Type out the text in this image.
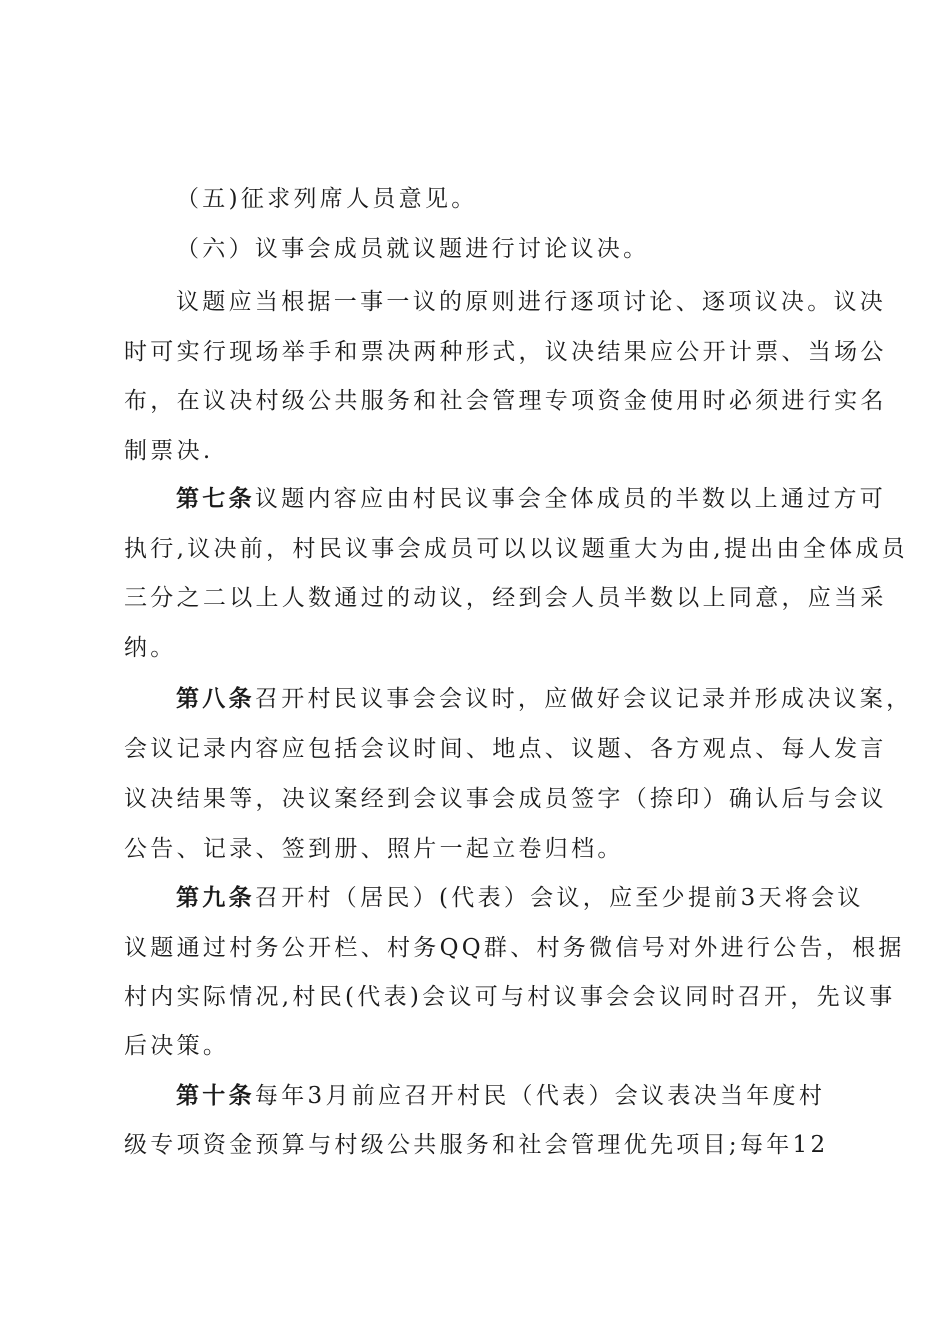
（五)征求列席人员意见。
（六）议事会成员就议题进行讨论议决。
议题应当根据一事一议的原则进行逐项讨论、逐项议决。议决
时可实行现场举手和票决两种形式，议决结果应公开计票、当场公
布，在议决村级公共服务和社会管理专项资金使用时必须进行实名
制票决.
第七条议题内容应由村民议事会全体成员的半数以上通过方可
执行,议决前，村民议事会成员可以以议题重大为由,提出由全体成员
三分之二以上人数通过的动议，经到会人员半数以上同意，应当采
纳。
第八条召开村民议事会会议时，应做好会议记录并形成决议案，
会议记录内容应包括会议时间、地点、议题、各方观点、每人发言
议决结果等，决议案经到会议事会成员签字（捺印）确认后与会议
公告、记录、签到册、照片一起立卷归档。
第九条召开村（居民）(代表）会议，应至少提前3天将会议
议题通过村务公开栏、村务QQ群、村务微信号对外进行公告，根据
村内实际情况,村民(代表)会议可与村议事会会议同时召开，先议事
后决策。
第十条每年3月前应召开村民（代表）会议表决当年度村
级专项资金预算与村级公共服务和社会管理优先项目;每年12
